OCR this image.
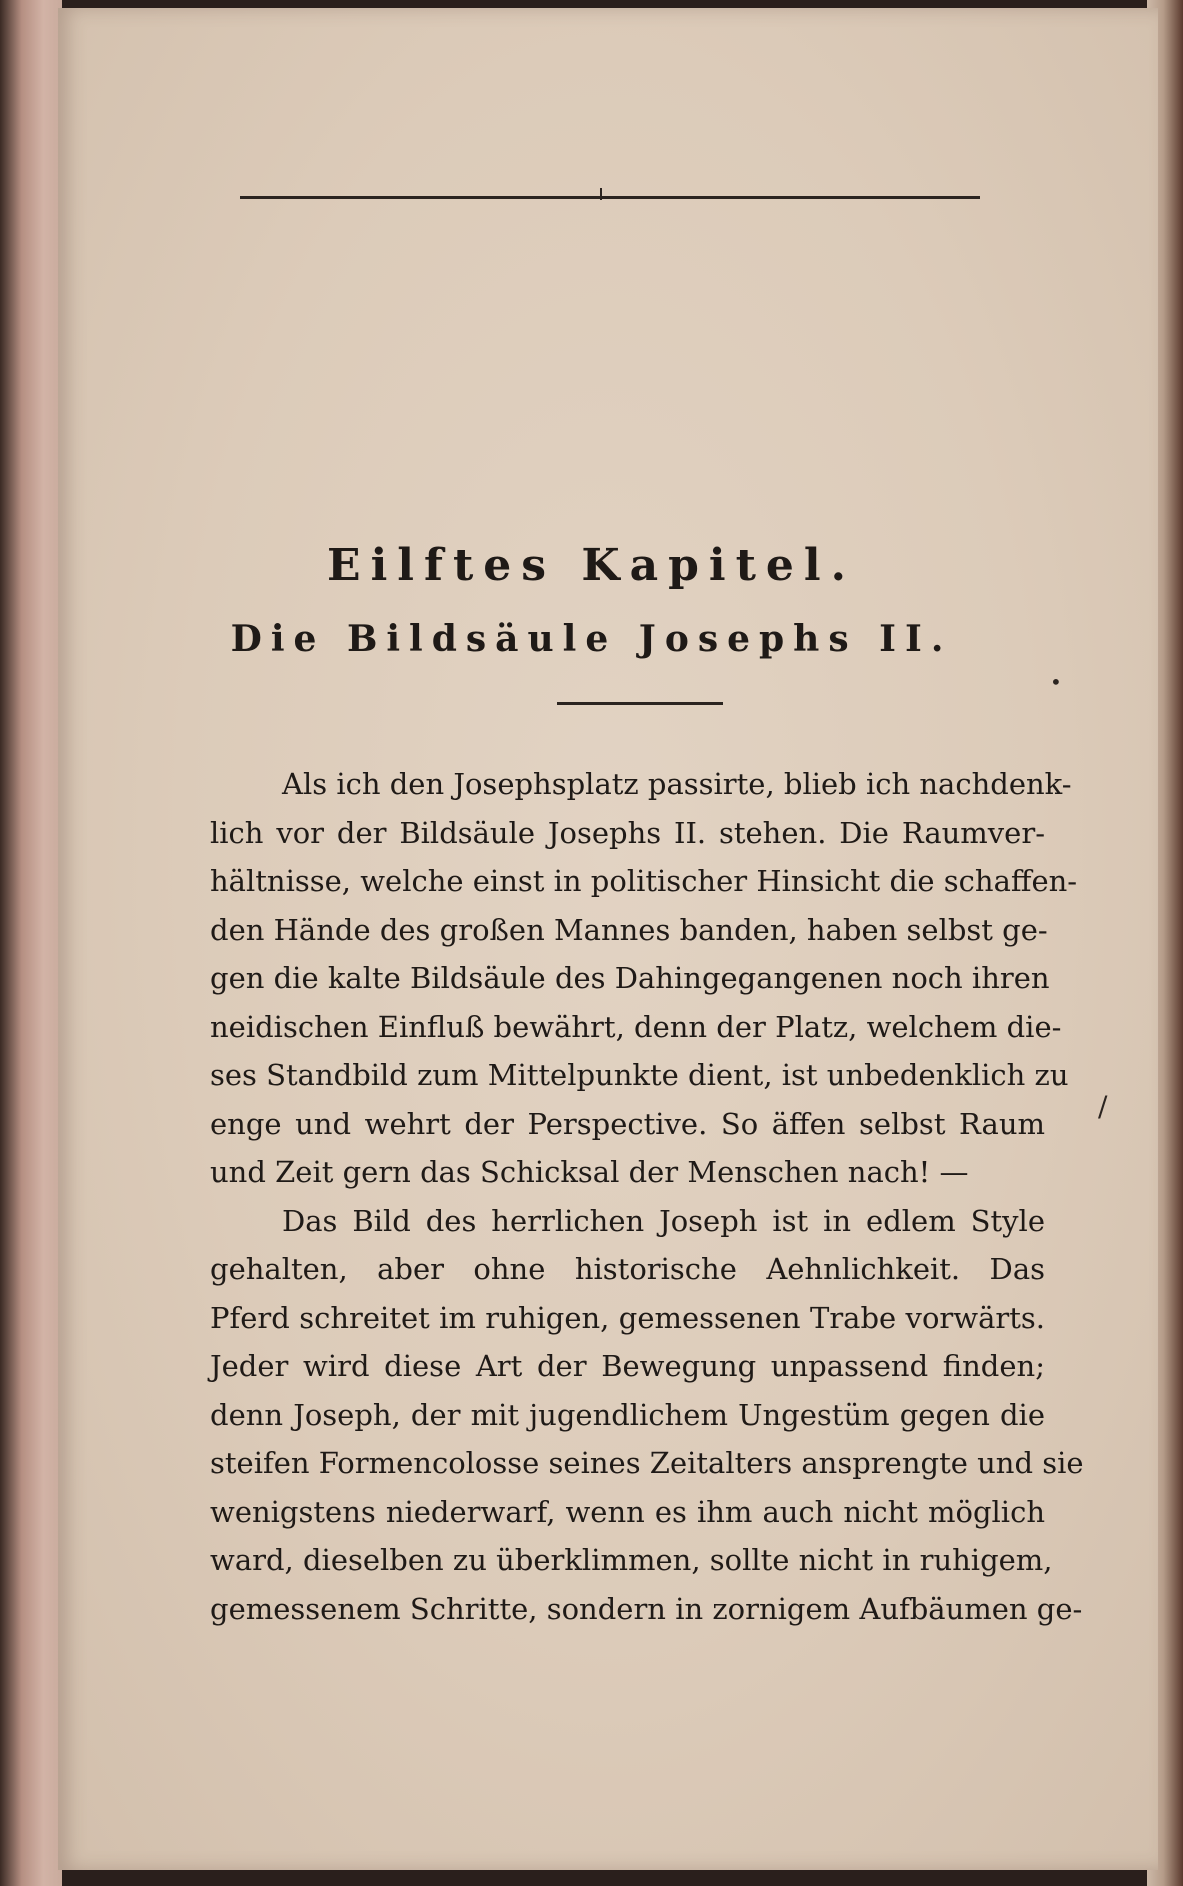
Eilftes Kapitel.
Die Bildsäule Josephs II.
•
Als ich den Josephsplatz passirte, blieb ich nachdenk-
lich vor der Bildsäule Josephs II. stehen. Die Raumver-
hältnisse, welche einst in politischer Hinsicht die schaffen-
den Hände des großen Mannes banden, haben selbst ge-
gen die kalte Bildsäule des Dahingegangenen noch ihren
neidischen Einfluß bewährt, denn der Platz, welchem die-
ses Standbild zum Mittelpunkte dient, ist unbedenklich zu
enge und wehrt der Perspective. So äffen selbst Raum
und Zeit gern das Schicksal der Menschen nach! —
Das Bild des herrlichen Joseph ist in edlem Style
gehalten, aber ohne historische Aehnlichkeit. Das
Pferd schreitet im ruhigen, gemessenen Trabe vorwärts.
Jeder wird diese Art der Bewegung unpassend finden;
denn Joseph, der mit jugendlichem Ungestüm gegen die
steifen Formencolosse seines Zeitalters ansprengte und sie
wenigstens niederwarf, wenn es ihm auch nicht möglich
ward, dieselben zu überklimmen, sollte nicht in ruhigem,
gemessenem Schritte, sondern in zornigem Aufbäumen ge-
/
